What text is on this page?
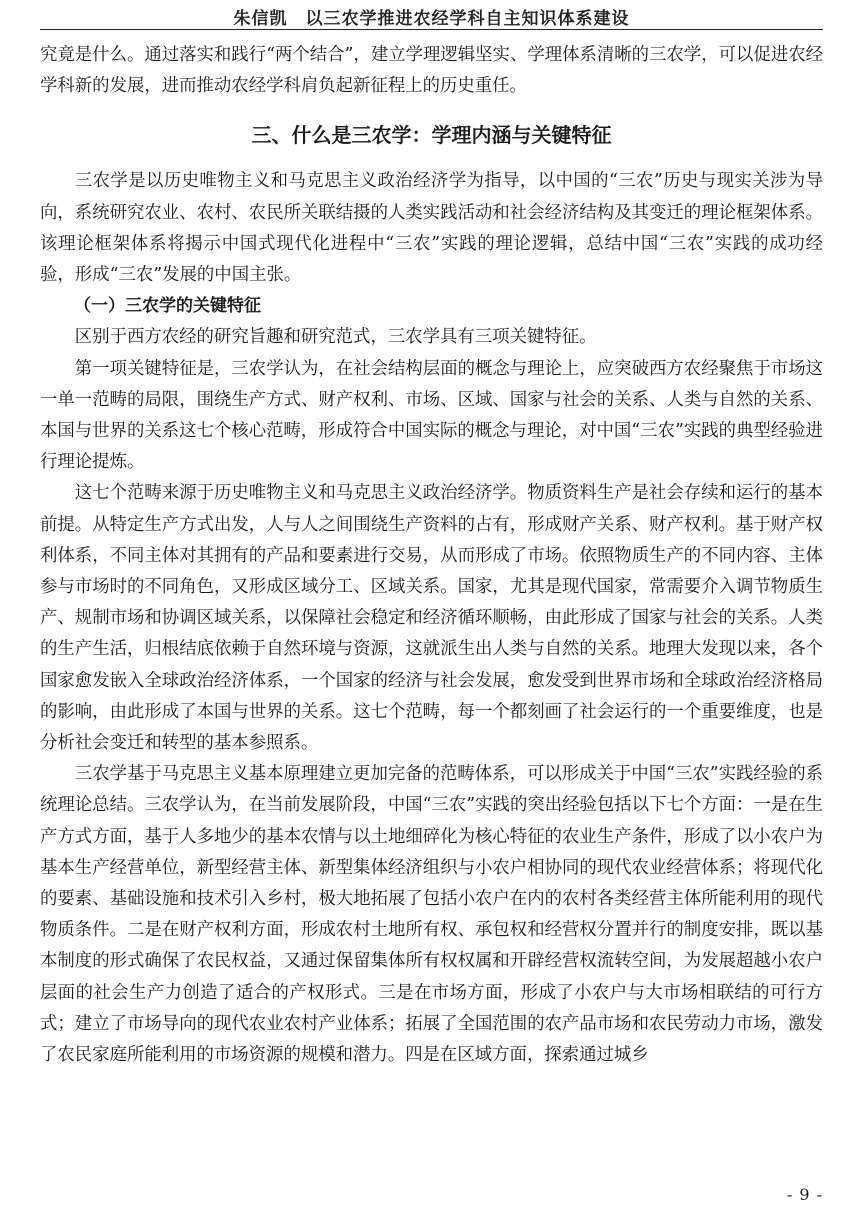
朱信凯　以三农学推进农经学科自主知识体系建设

究竟是什么。通过落实和践行“两个结合”，建立学理逻辑坚实、学理体系清晰的三农学，可以促进农经学科新的发展，进而推动农经学科肩负起新征程上的历史重任。

三、什么是三农学：学理内涵与关键特征

三农学是以历史唯物主义和马克思主义政治经济学为指导，以中国的“三农”历史与现实关涉为导向，系统研究农业、农村、农民所关联结摄的人类实践活动和社会经济结构及其变迁的理论框架体系。该理论框架体系将揭示中国式现代化进程中“三农”实践的理论逻辑，总结中国“三农”实践的成功经验，形成“三农”发展的中国主张。

（一）三农学的关键特征

区别于西方农经的研究旨趣和研究范式，三农学具有三项关键特征。

第一项关键特征是，三农学认为，在社会结构层面的概念与理论上，应突破西方农经聚焦于市场这一单一范畴的局限，围绕生产方式、财产权利、市场、区域、国家与社会的关系、人类与自然的关系、本国与世界的关系这七个核心范畴，形成符合中国实际的概念与理论，对中国“三农”实践的典型经验进行理论提炼。

这七个范畴来源于历史唯物主义和马克思主义政治经济学。物质资料生产是社会存续和运行的基本前提。从特定生产方式出发，人与人之间围绕生产资料的占有，形成财产关系、财产权利。基于财产权利体系，不同主体对其拥有的产品和要素进行交易，从而形成了市场。依照物质生产的不同内容、主体参与市场时的不同角色，又形成区域分工、区域关系。国家，尤其是现代国家，常需要介入调节物质生产、规制市场和协调区域关系，以保障社会稳定和经济循环顺畅，由此形成了国家与社会的关系。人类的生产生活，归根结底依赖于自然环境与资源，这就派生出人类与自然的关系。地理大发现以来，各个国家愈发嵌入全球政治经济体系，一个国家的经济与社会发展，愈发受到世界市场和全球政治经济格局的影响，由此形成了本国与世界的关系。这七个范畴，每一个都刻画了社会运行的一个重要维度，也是分析社会变迁和转型的基本参照系。

三农学基于马克思主义基本原理建立更加完备的范畴体系，可以形成关于中国“三农”实践经验的系统理论总结。三农学认为，在当前发展阶段，中国“三农”实践的突出经验包括以下七个方面：一是在生产方式方面，基于人多地少的基本农情与以土地细碎化为核心特征的农业生产条件，形成了以小农户为基本生产经营单位，新型经营主体、新型集体经济组织与小农户相协同的现代农业经营体系；将现代化的要素、基础设施和技术引入乡村，极大地拓展了包括小农户在内的农村各类经营主体所能利用的现代物质条件。二是在财产权利方面，形成农村土地所有权、承包权和经营权分置并行的制度安排，既以基本制度的形式确保了农民权益，又通过保留集体所有权权属和开辟经营权流转空间，为发展超越小农户层面的社会生产力创造了适合的产权形式。三是在市场方面，形成了小农户与大市场相联结的可行方式；建立了市场导向的现代农业农村产业体系；拓展了全国范围的农产品市场和农民劳动力市场，激发了农民家庭所能利用的市场资源的规模和潜力。四是在区域方面，探索通过城乡

- 9 -
